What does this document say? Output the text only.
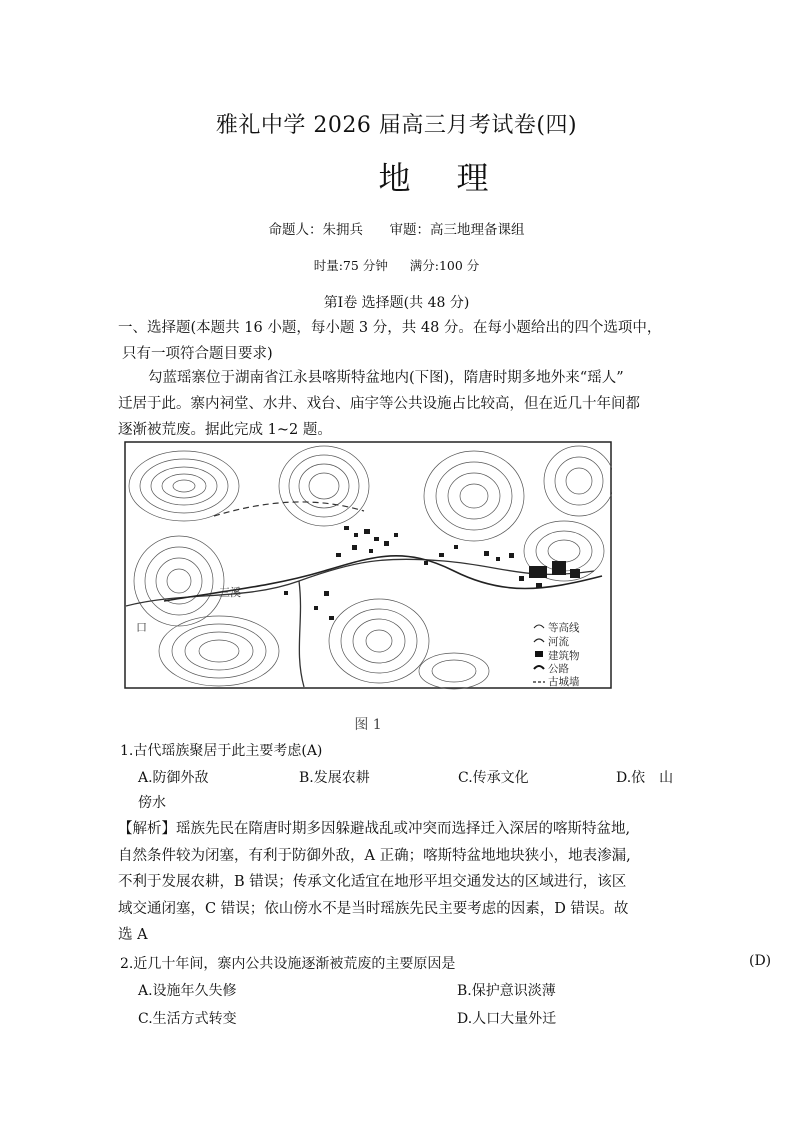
雅礼中学 2026 届高三月考试卷(四)
地理
命题人：朱拥兵 审题：高三地理备课组
时量:75 分钟 满分:100 分
第Ⅰ卷 选择题(共 48 分)
一、选择题(本题共 16 小题，每小题 3 分，共 48 分。在每小题给出的四个选项中，
只有一项符合题目要求)
勾蓝瑶寨位于湖南省江永县喀斯特盆地内(下图)，隋唐时期多地外来“瑶人”
迁居于此。寨内祠堂、水井、戏台、庙宇等公共设施占比较高，但在近几十年间都
逐渐被荒废。据此完成 1~2 题。
三溪
口	等高线
河流
建筑物
公路
古城墙
图 1
1.古代瑶族聚居于此主要考虑(A)
A.防御外敌	B.发展农耕	C.传承文化	D.依　山
傍水
【解析】瑶族先民在隋唐时期多因躲避战乱或冲突而选择迁入深居的喀斯特盆地,
自然条件较为闭塞，有利于防御外敌，A 正确；喀斯特盆地地块狭小，地表渗漏,
不利于发展农耕，B 错误；传承文化适宜在地形平坦交通发达的区域进行，该区
域交通闭塞，C 错误；依山傍水不是当时瑶族先民主要考虑的因素，D 错误。故
选 A
2.近几十年间，寨内公共设施逐渐被荒废的主要原因是	(D)
A.设施年久失修	B.保护意识淡薄
C.生活方式转变	D.人口大量外迁
